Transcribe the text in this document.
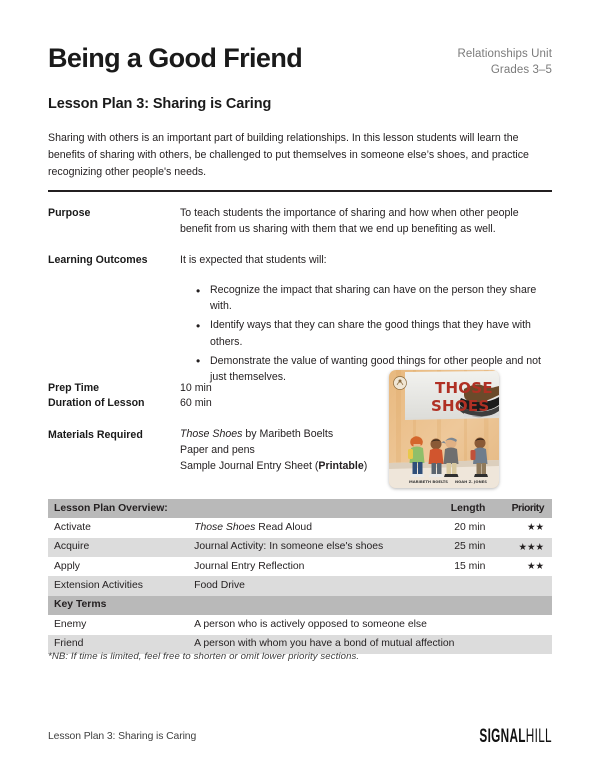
Being a Good Friend	Relationships Unit
Grades 3–5
Lesson Plan 3: Sharing is Caring
Sharing with others is an important part of building relationships. In this lesson students will learn the benefits of sharing with others, be challenged to put themselves in someone else’s shoes, and practice recognizing other people's needs.
Purpose	To teach students the importance of sharing and how when other people benefit from us sharing with them that we end up benefiting as well.
Learning Outcomes	It is expected that students will:
• Recognize the impact that sharing can have on the person they share with.
• Identify ways that they can share the good things that they have with others.
• Demonstrate the value of wanting good things for other people and not just themselves.
Prep Time	10 min
Duration of Lesson	60 min
Materials Required	Those Shoes by Maribeth Boelts
Paper and pens
Sample Journal Entry Sheet (Printable)
THOSE
SHOES
MARIBETH BOELTS NOAH Z. JONES
Lesson Plan Overview:		Length	Priority
Activate	Those Shoes Read Aloud	20 min	★★
Acquire	Journal Activity: In someone else's shoes	25 min	★★★
Apply	Journal Entry Reflection	15 min	★★
Extension Activities	Food Drive		
Key Terms			
Enemy	A person who is actively opposed to someone else		
Friend	A person with whom you have a bond of mutual affection		
*NB: If time is limited, feel free to shorten or omit lower priority sections.
Lesson Plan 3: Sharing is Caring	SIGNAL HILL
